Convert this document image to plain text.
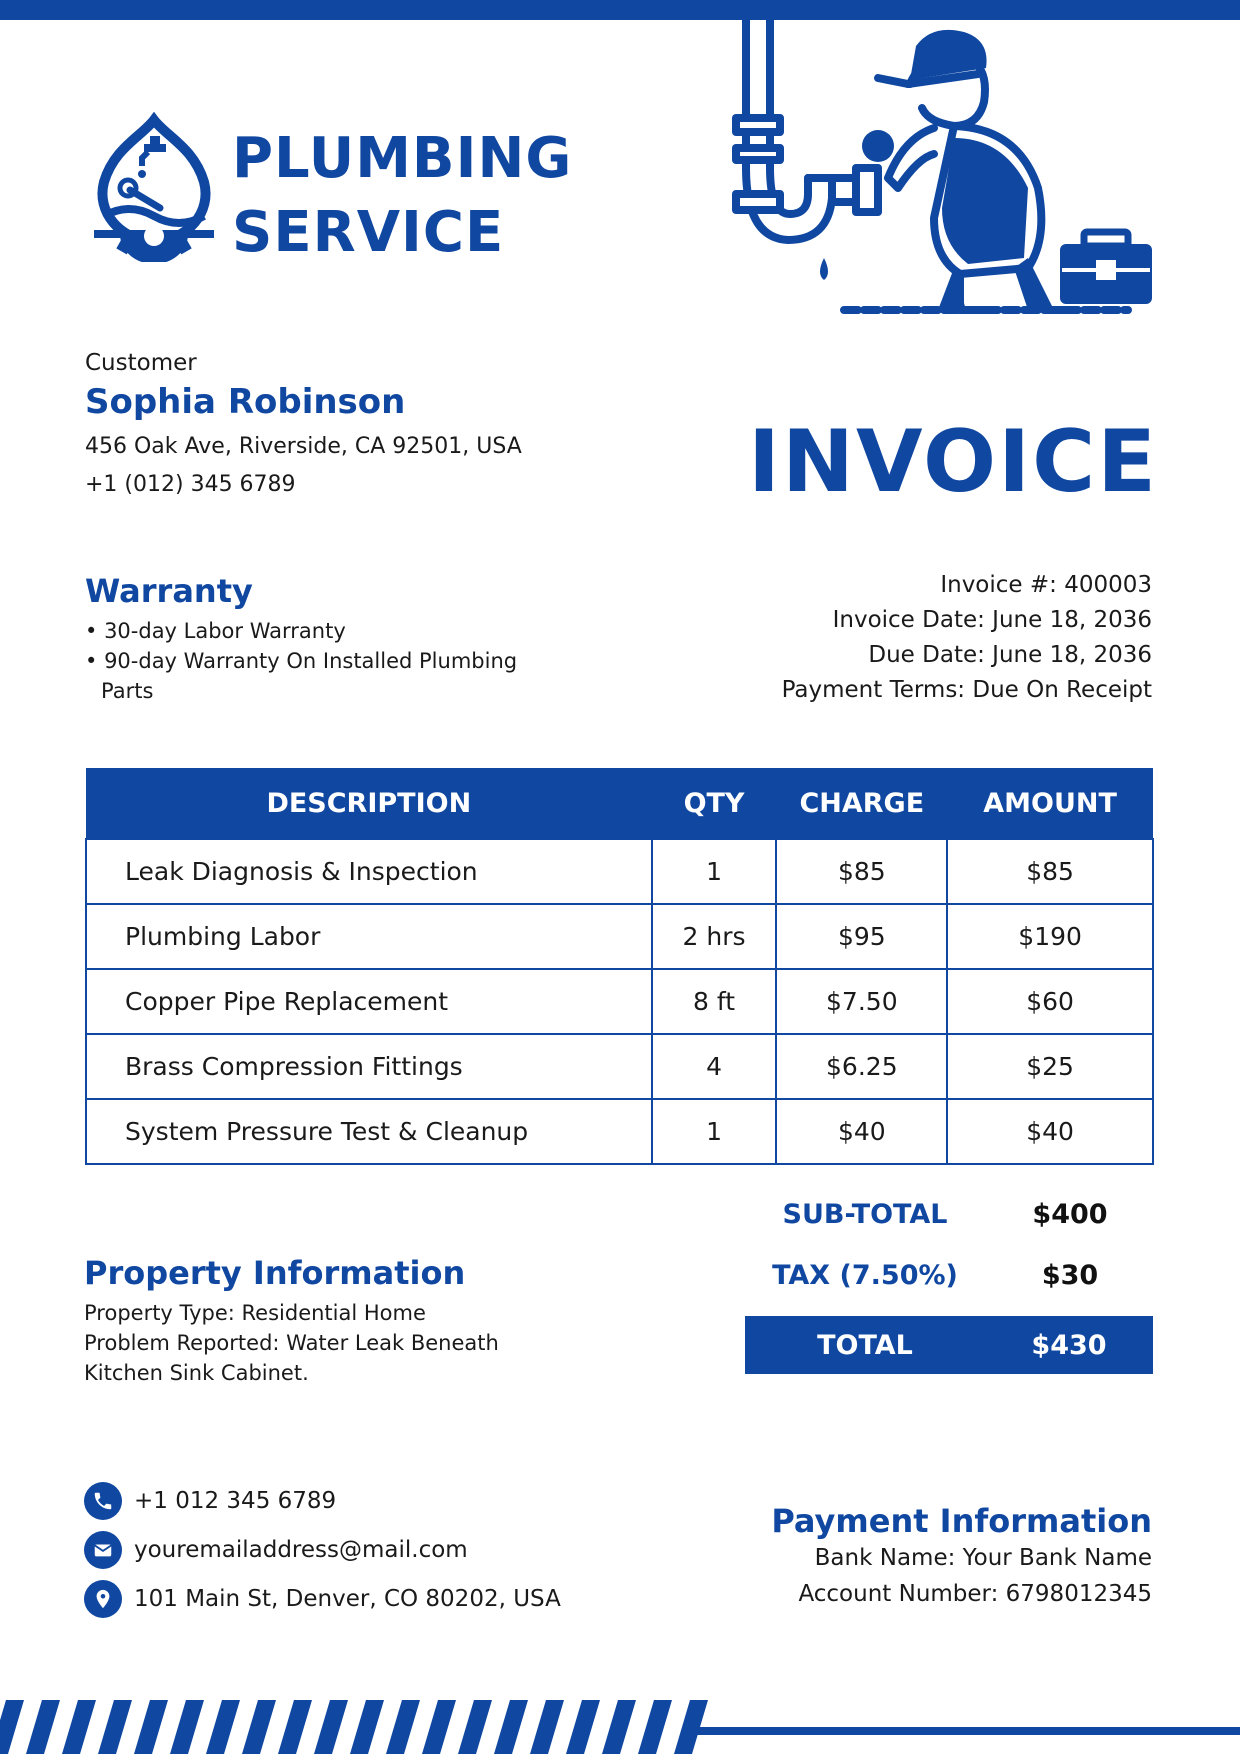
PLUMBING
SERVICE
Customer
Sophia Robinson
456 Oak Ave, Riverside, CA 92501, USA
+1 (012) 345 6789	INVOICE
Warranty
• 30-day Labor Warranty
• 90-day Warranty On Installed Plumbing Parts
Invoice #: 400003
Invoice Date: June 18, 2036
Due Date: June 18, 2036
Payment Terms: Due On Receipt
DESCRIPTION	QTY	CHARGE	AMOUNT
Leak Diagnosis & Inspection	1	$85	$85
Plumbing Labor	2 hrs	$95	$190
Copper Pipe Replacement	8 ft	$7.50	$60
Brass Compression Fittings	4	$6.25	$25
System Pressure Test & Cleanup	1	$40	$40
SUB-TOTAL	$400
TAX (7.50%)	$30
TOTAL	$430
Property Information

Property Type: Residential Home

Problem Reported: Water Leak Beneath Kitchen Sink Cabinet.

+1 012 345 6789
youremailaddress@mail.com
101 Main St, Denver, CO 80202, USA
Payment Information
Bank Name: Your Bank Name
Account Number: 6798012345
